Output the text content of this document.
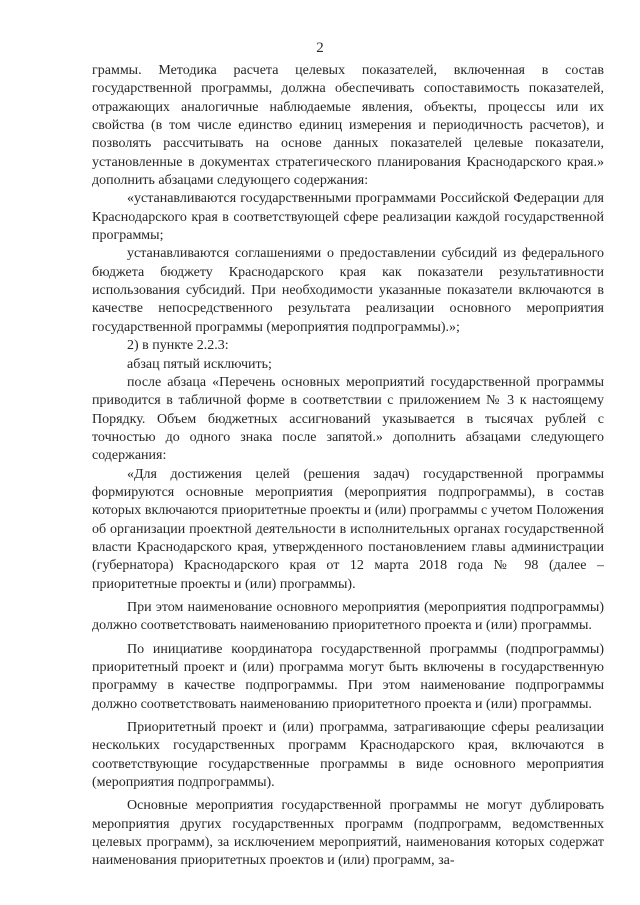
2

граммы. Методика расчета целевых показателей, включенная в состав государственной программы, должна обеспечивать сопоставимость показателей, отражающих аналогичные наблюдаемые явления, объекты, процессы или их свойства (в том числе единство единиц измерения и периодичность расчетов), и позволять рассчитывать на основе данных показателей целевые показатели, установленные в документах стратегического планирования Краснодарского края.» дополнить абзацами следующего содержания:

«устанавливаются государственными программами Российской Федерации для Краснодарского края в соответствующей сфере реализации каждой государственной программы;

устанавливаются соглашениями о предоставлении субсидий из федерального бюджета бюджету Краснодарского края как показатели результативности использования субсидий. При необходимости указанные показатели включаются в качестве непосредственного результата реализации основного мероприятия государственной программы (мероприятия подпрограммы).»;

2) в пункте 2.2.3:

абзац пятый исключить;

после абзаца «Перечень основных мероприятий государственной программы приводится в табличной форме в соответствии с приложением № 3 к настоящему Порядку. Объем бюджетных ассигнований указывается в тысячах рублей с точностью до одного знака после запятой.» дополнить абзацами следующего содержания:

«Для достижения целей (решения задач) государственной программы формируются основные мероприятия (мероприятия подпрограммы), в состав которых включаются приоритетные проекты и (или) программы с учетом Положения об организации проектной деятельности в исполнительных органах государственной власти Краснодарского края, утвержденного постановлением главы администрации (губернатора) Краснодарского края от 12 марта 2018 года № 98 (далее – приоритетные проекты и (или) программы).

При этом наименование основного мероприятия (мероприятия подпрограммы) должно соответствовать наименованию приоритетного проекта и (или) программы.

По инициативе координатора государственной программы (подпрограммы) приоритетный проект и (или) программа могут быть включены в государственную программу в качестве подпрограммы. При этом наименование подпрограммы должно соответствовать наименованию приоритетного проекта и (или) программы.

Приоритетный проект и (или) программа, затрагивающие сферы реализации нескольких государственных программ Краснодарского края, включаются в соответствующие государственные программы в виде основного мероприятия (мероприятия подпрограммы).

Основные мероприятия государственной программы не могут дублировать мероприятия других государственных программ (подпрограмм, ведомственных целевых программ), за исключением мероприятий, наименования которых содержат наименования приоритетных проектов и (или) программ, за-
